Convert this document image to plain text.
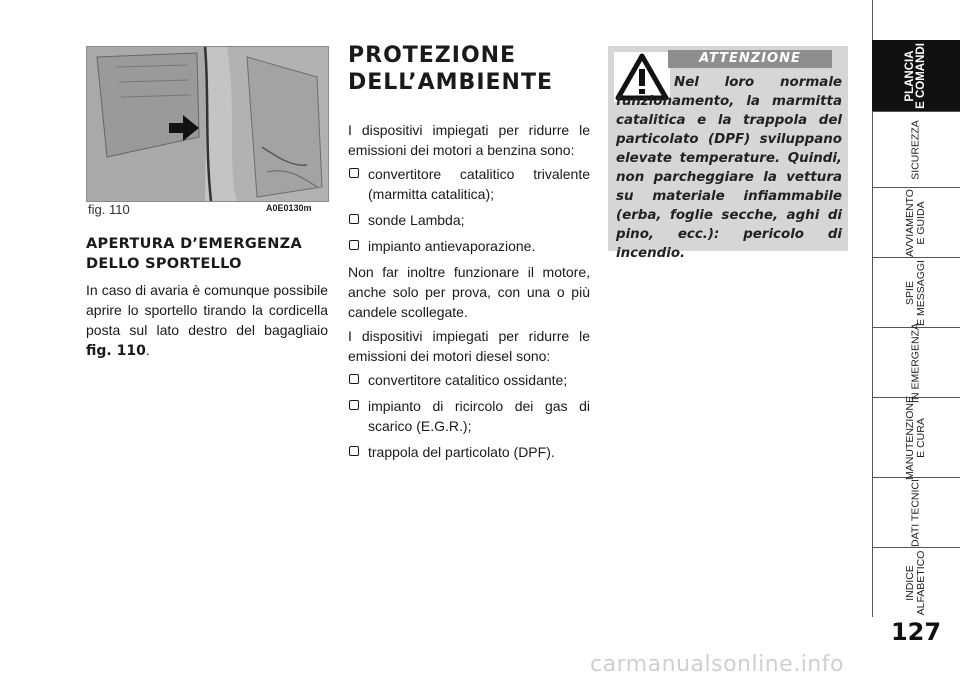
fig. 110	A0E0130m
APERTURA D’EMERGENZA
DELLO SPORTELLO

In caso di avaria è comunque possibile aprire lo sportello tirando la cordicella posta sul lato destro del bagagliaio fig. 110.

PROTEZIONE
DELL’AMBIENTE

I dispositivi impiegati per ridurre le emissioni dei motori a benzina sono:

convertitore catalitico trivalente (marmitta catalitica);
sonde Lambda;
impianto antievaporazione.

Non far inoltre funzionare il motore, anche solo per prova, con una o più candele scollegate.

I dispositivi impiegati per ridurre le emissioni dei motori diesel sono:

convertitore catalitico ossidante;
impianto di ricircolo dei gas di scarico (E.G.R.);
trappola del particolato (DPF).
ATTENZIONE

Nel loro normale funzionamento, la marmitta catalitica e la trappola del particolato (DPF) sviluppano elevate temperature. Quindi, non parcheggiare la vettura su materiale infiammabile (erba, foglie secche, aghi di pino, ecc.): pericolo di incendio.

PLANCIA E COMANDI
SICUREZZA
AVVIAMENTO E GUIDA
SPIE E MESSAGGI
IN EMERGENZA
MANUTENZIONE E CURA
DATI TECNICI
INDICE ALFABETICO
127
carmanualsonline.info
